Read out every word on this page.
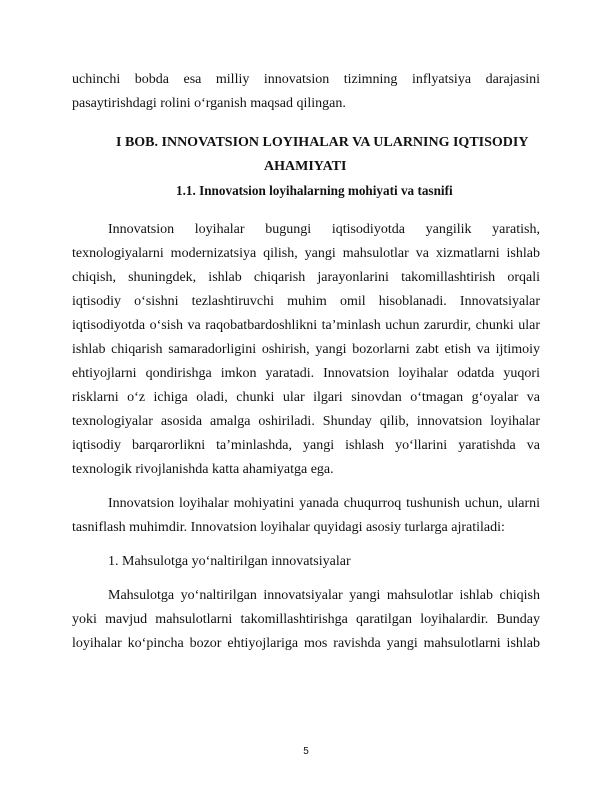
uchinchi bobda esa milliy innovatsion tizimning inflyatsiya darajasini
pasaytirishdagi rolini o‘rganish maqsad qilingan.
I BOB. INNOVATSION LOYIHALAR VA ULARNING IQTISODIY
AHAMIYATI
1.1. Innovatsion loyihalarning mohiyati va tasnifi
Innovatsion loyihalar bugungi iqtisodiyotda yangilik yaratish,
texnologiyalarni modernizatsiya qilish, yangi mahsulotlar va xizmatlarni ishlab
chiqish, shuningdek, ishlab chiqarish jarayonlarini takomillashtirish orqali
iqtisodiy o‘sishni tezlashtiruvchi muhim omil hisoblanadi. Innovatsiyalar
iqtisodiyotda o‘sish va raqobatbardoshlikni ta’minlash uchun zarurdir, chunki ular
ishlab chiqarish samaradorligini oshirish, yangi bozorlarni zabt etish va ijtimoiy
ehtiyojlarni qondirishga imkon yaratadi. Innovatsion loyihalar odatda yuqori
risklarni o‘z ichiga oladi, chunki ular ilgari sinovdan o‘tmagan g‘oyalar va
texnologiyalar asosida amalga oshiriladi. Shunday qilib, innovatsion loyihalar
iqtisodiy barqarorlikni ta’minlashda, yangi ishlash yo‘llarini yaratishda va
texnologik rivojlanishda katta ahamiyatga ega.
Innovatsion loyihalar mohiyatini yanada chuqurroq tushunish uchun, ularni
tasniflash muhimdir. Innovatsion loyihalar quyidagi asosiy turlarga ajratiladi:
1. Mahsulotga yo‘naltirilgan innovatsiyalar
Mahsulotga yo‘naltirilgan innovatsiyalar yangi mahsulotlar ishlab chiqish
yoki mavjud mahsulotlarni takomillashtirishga qaratilgan loyihalardir. Bunday
loyihalar ko‘pincha bozor ehtiyojlariga mos ravishda yangi mahsulotlarni ishlab
5
